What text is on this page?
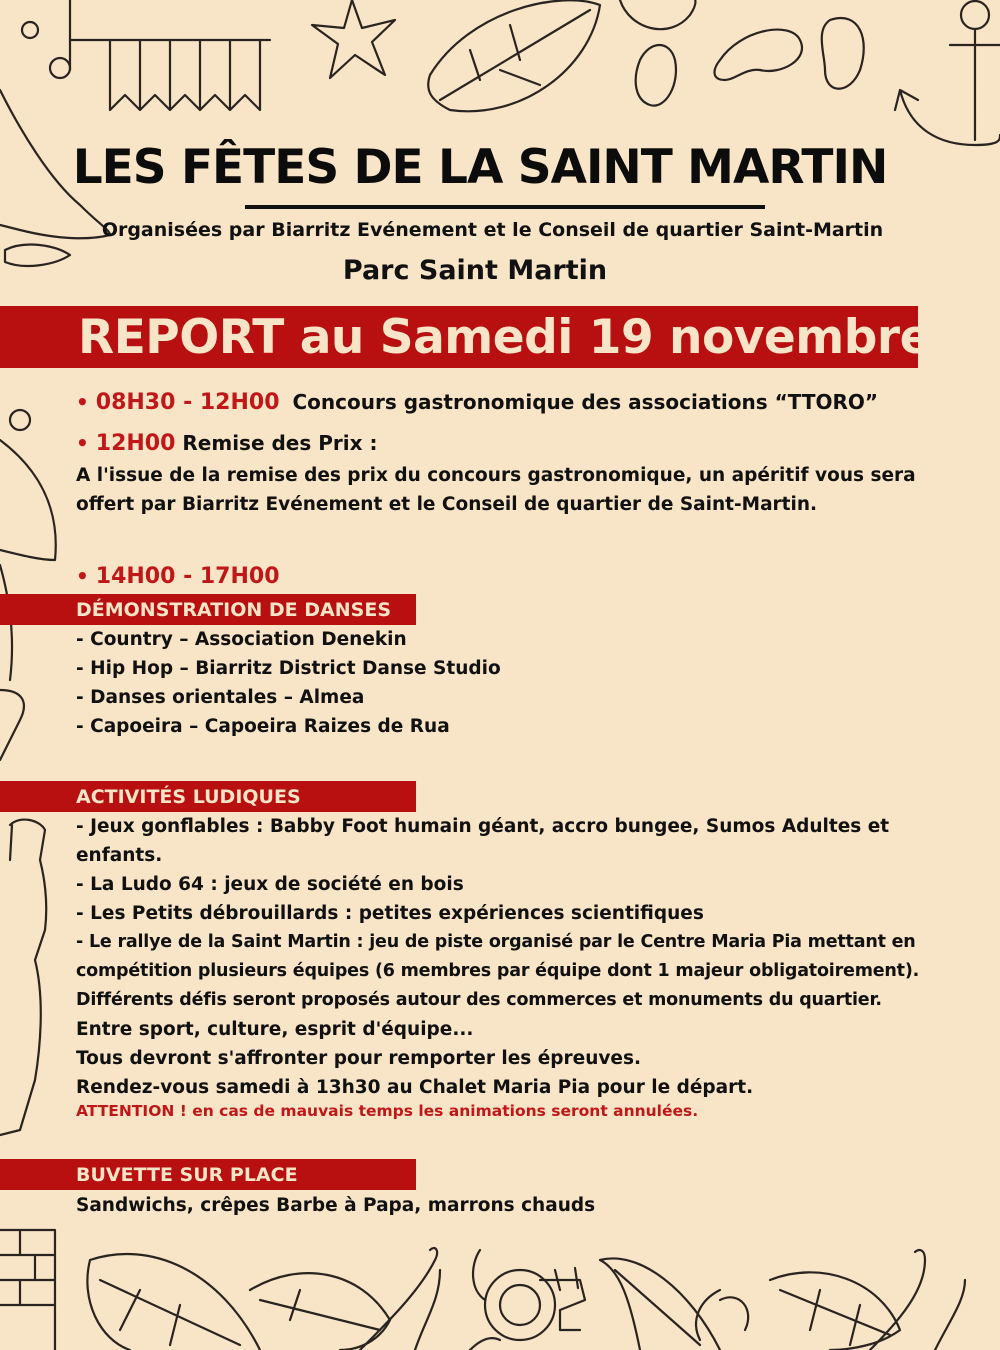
LES FÊTES DE LA SAINT MARTIN
Organisées par Biarritz Evénement et le Conseil de quartier Saint-Martin
Parc Saint Martin
REPORT au Samedi 19 novembre
• 08H30 - 12H00 Concours gastronomique des associations “TTORO”
• 12H00 Remise des Prix :
A l'issue de la remise des prix du concours gastronomique, un apéritif vous sera
offert par Biarritz Evénement et le Conseil de quartier de Saint-Martin.
• 14H00 - 17H00
DÉMONSTRATION DE DANSES
- Country – Association Denekin
- Hip Hop – Biarritz District Danse Studio
- Danses orientales – Almea
- Capoeira – Capoeira Raizes de Rua
ACTIVITÉS LUDIQUES
- Jeux gonflables : Babby Foot humain géant, accro bungee, Sumos Adultes et
enfants.
- La Ludo 64 : jeux de société en bois
- Les Petits débrouillards : petites expériences scientifiques
- Le rallye de la Saint Martin : jeu de piste organisé par le Centre Maria Pia mettant en
compétition plusieurs équipes (6 membres par équipe dont 1 majeur obligatoirement).
Différents défis seront proposés autour des commerces et monuments du quartier.
Entre sport, culture, esprit d'équipe...
Tous devront s'affronter pour remporter les épreuves.
Rendez-vous samedi à 13h30 au Chalet Maria Pia pour le départ.
ATTENTION ! en cas de mauvais temps les animations seront annulées.
BUVETTE SUR PLACE
Sandwichs, crêpes Barbe à Papa, marrons chauds
